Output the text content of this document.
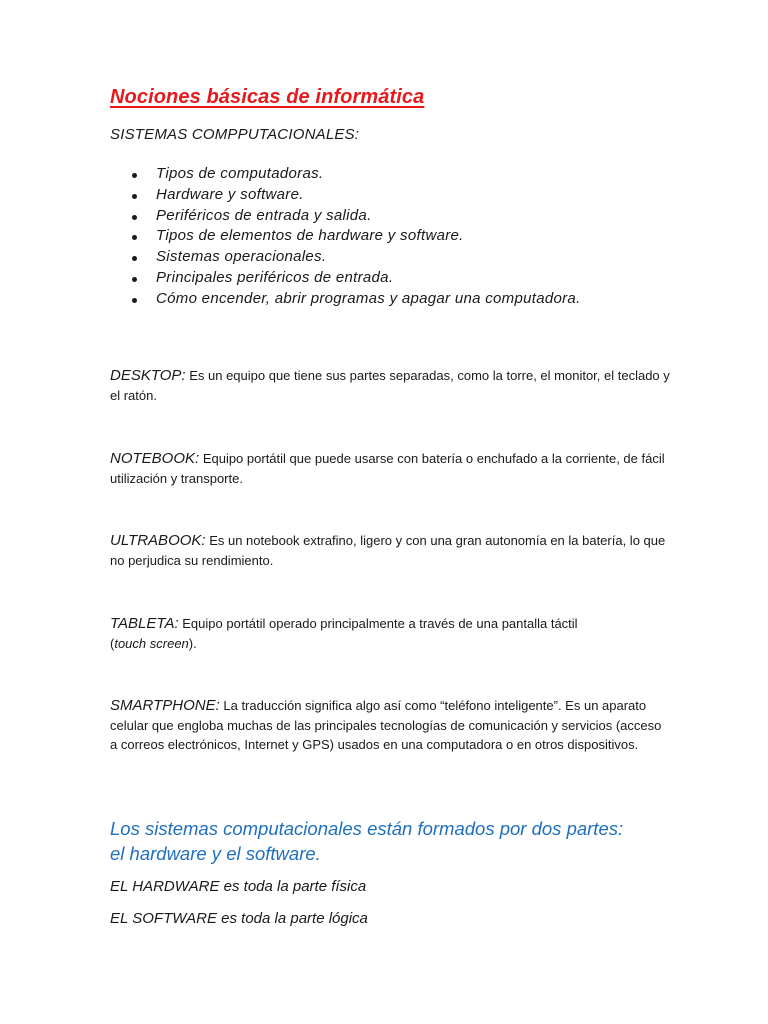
Nociones básicas de informática

SISTEMAS COMPPUTACIONALES:

Tipos de computadoras.
Hardware y software.
Periféricos de entrada y salida.
Tipos de elementos de hardware y software.
Sistemas operacionales.
Principales periféricos de entrada.
Cómo encender, abrir programas y apagar una computadora.

DESKTOP: Es un equipo que tiene sus partes separadas, como la torre, el monitor, el teclado y el ratón.

NOTEBOOK: Equipo portátil que puede usarse con batería o enchufado a la corriente, de fácil utilización y transporte.

ULTRABOOK: Es un notebook extrafino, ligero y con una gran autonomía en la batería, lo que no perjudica su rendimiento.

TABLETA: Equipo portátil operado principalmente a través de una pantalla táctil
(touch screen).

SMARTPHONE: La traducción significa algo así como “teléfono inteligente”. Es un aparato celular que engloba muchas de las principales tecnologías de comunicación y servicios (acceso a correos electrónicos, Internet y GPS) usados en una computadora o en otros dispositivos.

Los sistemas computacionales están formados por dos partes:
el hardware y el software.

EL HARDWARE es toda la parte física

EL SOFTWARE es toda la parte lógica
